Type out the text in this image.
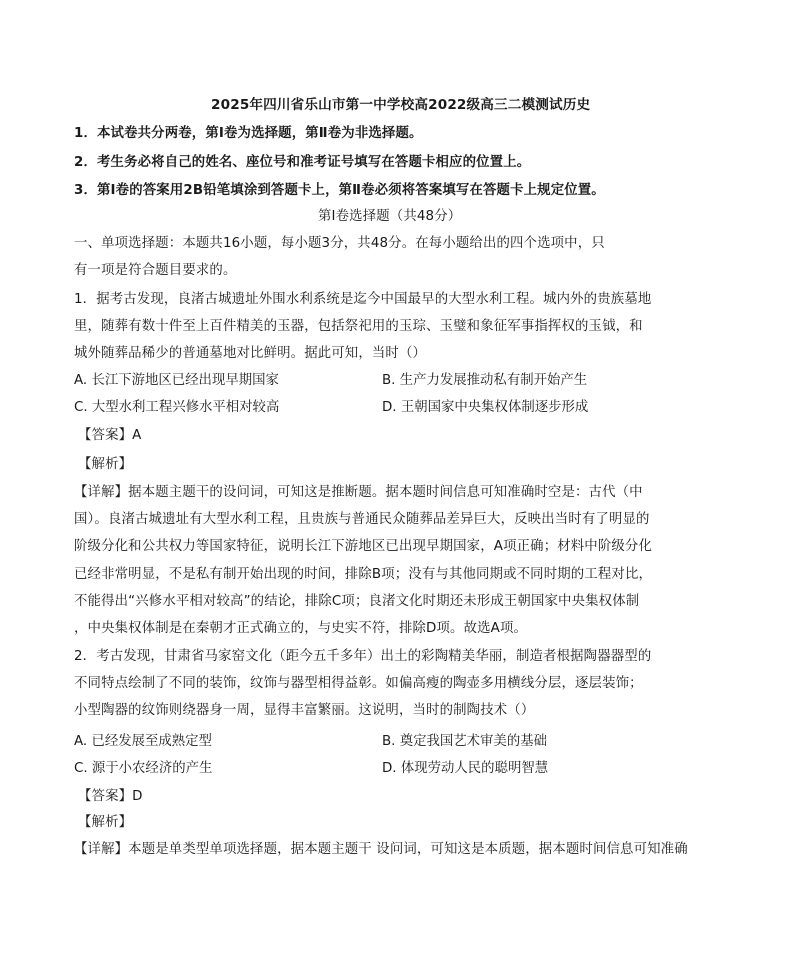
2025年四川省乐山市第一中学校高2022级高三二模测试历史
1．本试卷共分两卷，第Ⅰ卷为选择题，第Ⅱ卷为非选择题。
2．考生务必将自己的姓名、座位号和准考证号填写在答题卡相应的位置上。
3．第Ⅰ卷的答案用2B铅笔填涂到答题卡上，第Ⅱ卷必须将答案填写在答题卡上规定位置。
第Ⅰ卷选择题（共48分）
一、单项选择题：本题共16小题，每小题3分，共48分。在每小题给出的四个选项中，只
有一项是符合题目要求的。
1．据考古发现，良渚古城遗址外围水利系统是迄今中国最早的大型水利工程。城内外的贵族墓地
里，随葬有数十件至上百件精美的玉器，包括祭祀用的玉琮、玉璧和象征军事指挥权的玉钺，和
城外随葬品稀少的普通墓地对比鲜明。据此可知，当时（）
A. 长江下游地区已经出现早期国家	B. 生产力发展推动私有制开始产生
C. 大型水利工程兴修水平相对较高	D. 王朝国家中央集权体制逐步形成
【答案】A
【解析】
【详解】据本题主题干的设问词，可知这是推断题。据本题时间信息可知准确时空是：古代（中
国）。良渚古城遗址有大型水利工程，且贵族与普通民众随葬品差异巨大，反映出当时有了明显的
阶级分化和公共权力等国家特征，说明长江下游地区已出现早期国家，A项正确；材料中阶级分化
已经非常明显，不是私有制开始出现的时间，排除B项；没有与其他同期或不同时期的工程对比，
不能得出“兴修水平相对较高”的结论，排除C项；良渚文化时期还未形成王朝国家中央集权体制
，中央集权体制是在秦朝才正式确立的，与史实不符，排除D项。故选A项。
2．考古发现，甘肃省马家窑文化（距今五千多年）出土的彩陶精美华丽，制造者根据陶器器型的
不同特点绘制了不同的装饰，纹饰与器型相得益彰。如偏高瘦的陶壶多用横线分层，逐层装饰；
小型陶器的纹饰则绕器身一周，显得丰富繁丽。这说明，当时的制陶技术（）
A. 已经发展至成熟定型	B. 奠定我国艺术审美的基础
C. 源于小农经济的产生	D. 体现劳动人民的聪明智慧
【答案】D
【解析】
【详解】本题是单类型单项选择题，据本题主题干 设问词，可知这是本质题，据本题时间信息可知准确
